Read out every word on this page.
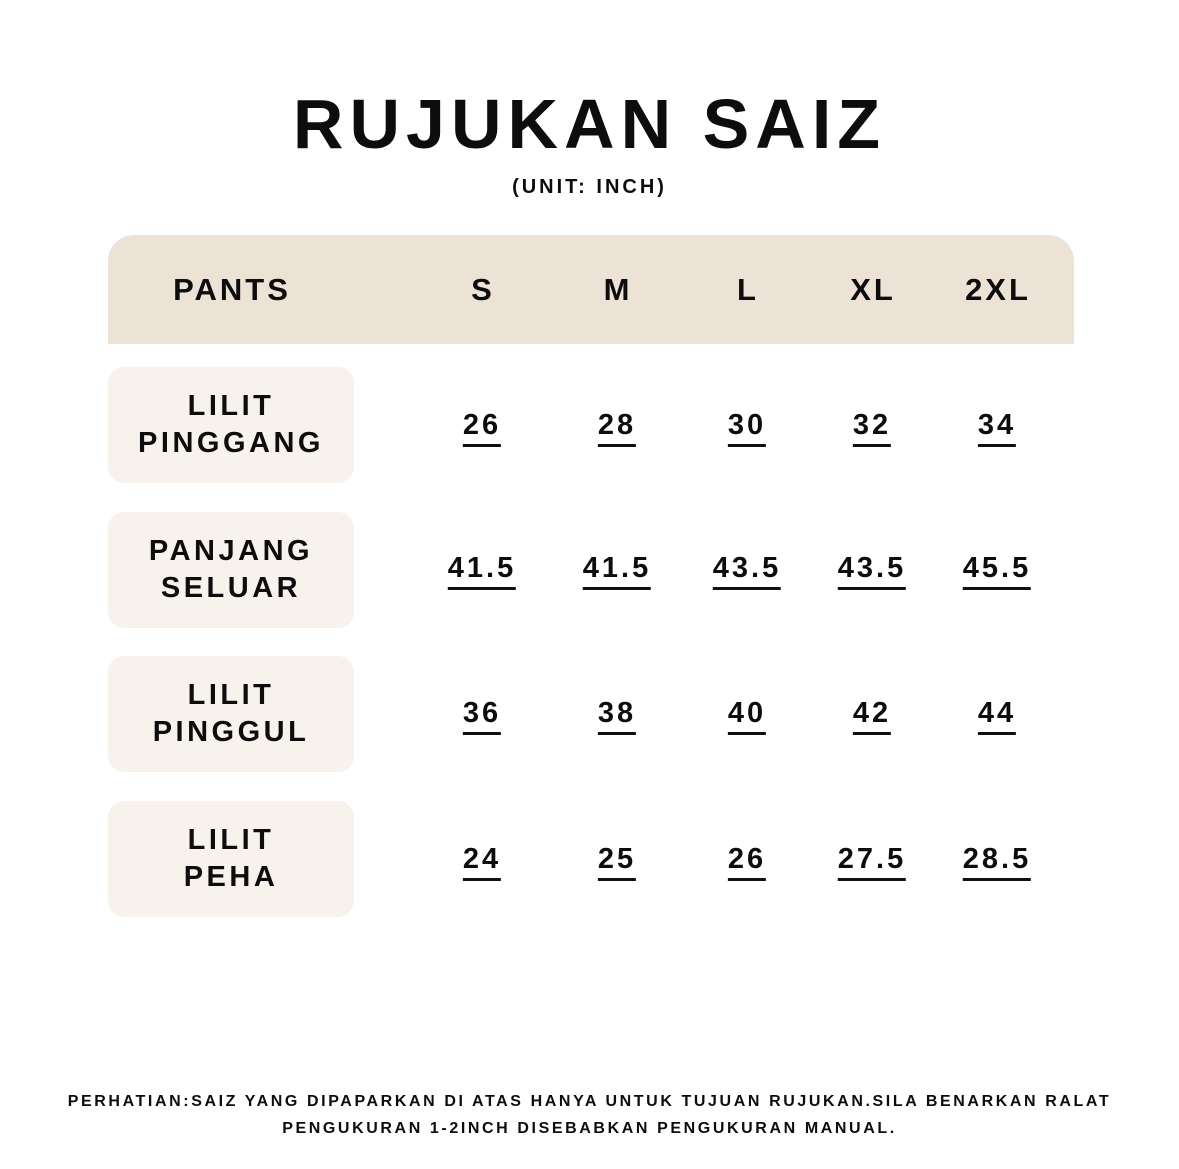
RUJUKAN SAIZ
(UNIT: INCH)
PANTS	S	M	L	XL 2XL
LILIT
PINGGANG
26	28	30	32	34
PANJANG
SELUAR
41.5 41.5 43.5 43.5 45.5
LILIT
PINGGUL
36	38	40	42	44
LILIT
PEHA
24	25	26 27.5 28.5
PERHATIAN:SAIZ YANG DIPAPARKAN DI ATAS HANYA UNTUK TUJUAN RUJUKAN.SILA BENARKAN RALAT
PENGUKURAN 1-2INCH DISEBABKAN PENGUKURAN MANUAL.
